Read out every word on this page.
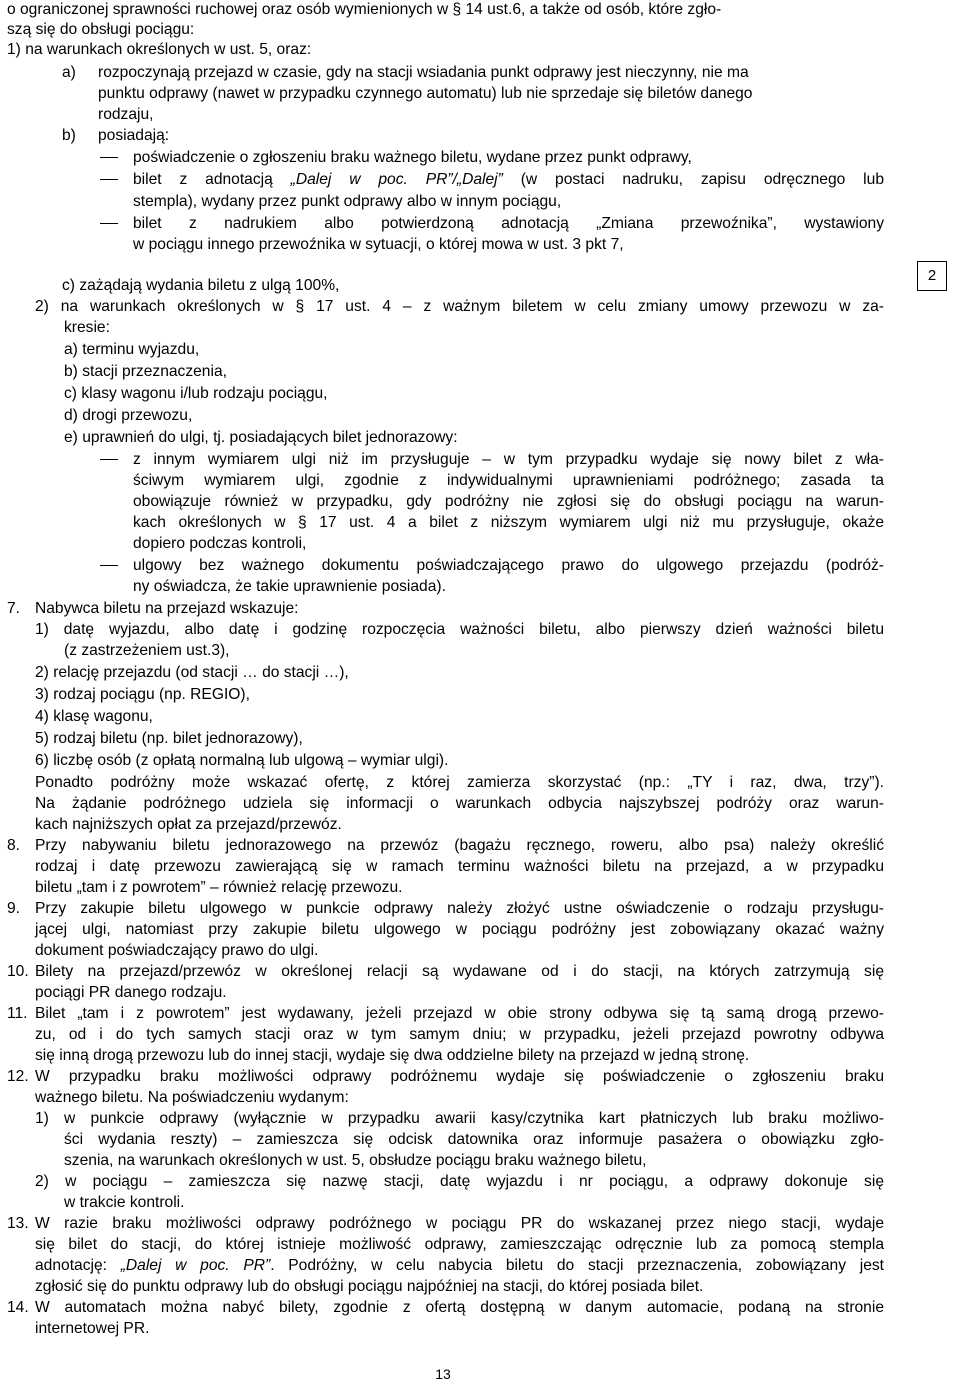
o ograniczonej sprawności ruchowej oraz osób wymienionych w § 14 ust.6, a także od osób, które zgło-
szą się do obsługi pociągu:
1) na warunkach określonych w ust. 5, oraz:
a) rozpoczynają przejazd w czasie, gdy na stacji wsiadania punkt odprawy jest nieczynny, nie ma
punktu odprawy (nawet w przypadku czynnego automatu) lub nie sprzedaje się biletów danego
rodzaju,
b) posiadają:
poświadczenie o zgłoszeniu braku ważnego biletu, wydane przez punkt odprawy,
bilet z adnotacją „Dalej w poc. PR”/„Dalej” (w postaci nadruku, zapisu odręcznego lub
stempla), wydany przez punkt odprawy albo w innym pociągu,
bilet z nadrukiem albo potwierdzoną adnotacją „Zmiana przewoźnika”, wystawiony
w pociągu innego przewoźnika w sytuacji, o której mowa w ust. 3 pkt 7,
c) zażądają wydania biletu z ulgą 100%,
2
2) na warunkach określonych w § 17 ust. 4 – z ważnym biletem w celu zmiany umowy przewozu w za-
kresie:
a) terminu wyjazdu,
b) stacji przeznaczenia,
c) klasy wagonu i/lub rodzaju pociągu,
d) drogi przewozu,
e) uprawnień do ulgi, tj. posiadających bilet jednorazowy:
z innym wymiarem ulgi niż im przysługuje – w tym przypadku wydaje się nowy bilet z wła-
ściwym wymiarem ulgi, zgodnie z indywidualnymi uprawnieniami podróżnego; zasada ta
obowiązuje również w przypadku, gdy podróżny nie zgłosi się do obsługi pociągu na warun-
kach określonych w § 17 ust. 4 a bilet z niższym wymiarem ulgi niż mu przysługuje, okaże
dopiero podczas kontroli,
ulgowy bez ważnego dokumentu poświadczającego prawo do ulgowego przejazdu (podróż-
ny oświadcza, że takie uprawnienie posiada).
7. Nabywca biletu na przejazd wskazuje:
1) datę wyjazdu, albo datę i godzinę rozpoczęcia ważności biletu, albo pierwszy dzień ważności biletu
(z zastrzeżeniem ust.3),
2) relację przejazdu (od stacji … do stacji …),
3) rodzaj pociągu (np. REGIO),
4) klasę wagonu,
5) rodzaj biletu (np. bilet jednorazowy),
6) liczbę osób (z opłatą normalną lub ulgową – wymiar ulgi).
Ponadto podróżny może wskazać ofertę, z której zamierza skorzystać (np.: „TY i raz, dwa, trzy”).
Na żądanie podróżnego udziela się informacji o warunkach odbycia najszybszej podróży oraz warun-
kach najniższych opłat za przejazd/przewóz.
8. Przy nabywaniu biletu jednorazowego na przewóz (bagażu ręcznego, roweru, albo psa) należy określić
rodzaj i datę przewozu zawierającą się w ramach terminu ważności biletu na przejazd, a w przypadku
biletu „tam i z powrotem” – również relację przewozu.
9. Przy zakupie biletu ulgowego w punkcie odprawy należy złożyć ustne oświadczenie o rodzaju przysługu-
jącej ulgi, natomiast przy zakupie biletu ulgowego w pociągu podróżny jest zobowiązany okazać ważny
dokument poświadczający prawo do ulgi.
10. Bilety na przejazd/przewóz w określonej relacji są wydawane od i do stacji, na których zatrzymują się
pociągi PR danego rodzaju.
11. Bilet „tam i z powrotem” jest wydawany, jeżeli przejazd w obie strony odbywa się tą samą drogą przewo-
zu, od i do tych samych stacji oraz w tym samym dniu; w przypadku, jeżeli przejazd powrotny odbywa
się inną drogą przewozu lub do innej stacji, wydaje się dwa oddzielne bilety na przejazd w jedną stronę.
12. W przypadku braku możliwości odprawy podróżnemu wydaje się poświadczenie o zgłoszeniu braku
ważnego biletu. Na poświadczeniu wydanym:
1) w punkcie odprawy (wyłącznie w przypadku awarii kasy/czytnika kart płatniczych lub braku możliwo-
ści wydania reszty) – zamieszcza się odcisk datownika oraz informuje pasażera o obowiązku zgło-
szenia, na warunkach określonych w ust. 5, obsłudze pociągu braku ważnego biletu,
2) w pociągu – zamieszcza się nazwę stacji, datę wyjazdu i nr pociągu, a odprawy dokonuje się
w trakcie kontroli.
13. W razie braku możliwości odprawy podróżnego w pociągu PR do wskazanej przez niego stacji, wydaje
się bilet do stacji, do której istnieje możliwość odprawy, zamieszczając odręcznie lub za pomocą stempla
adnotację: „Dalej w poc. PR”. Podróżny, w celu nabycia biletu do stacji przeznaczenia, zobowiązany jest
zgłosić się do punktu odprawy lub do obsługi pociągu najpóźniej na stacji, do której posiada bilet.
14. W automatach można nabyć bilety, zgodnie z ofertą dostępną w danym automacie, podaną na stronie
internetowej PR.
13
